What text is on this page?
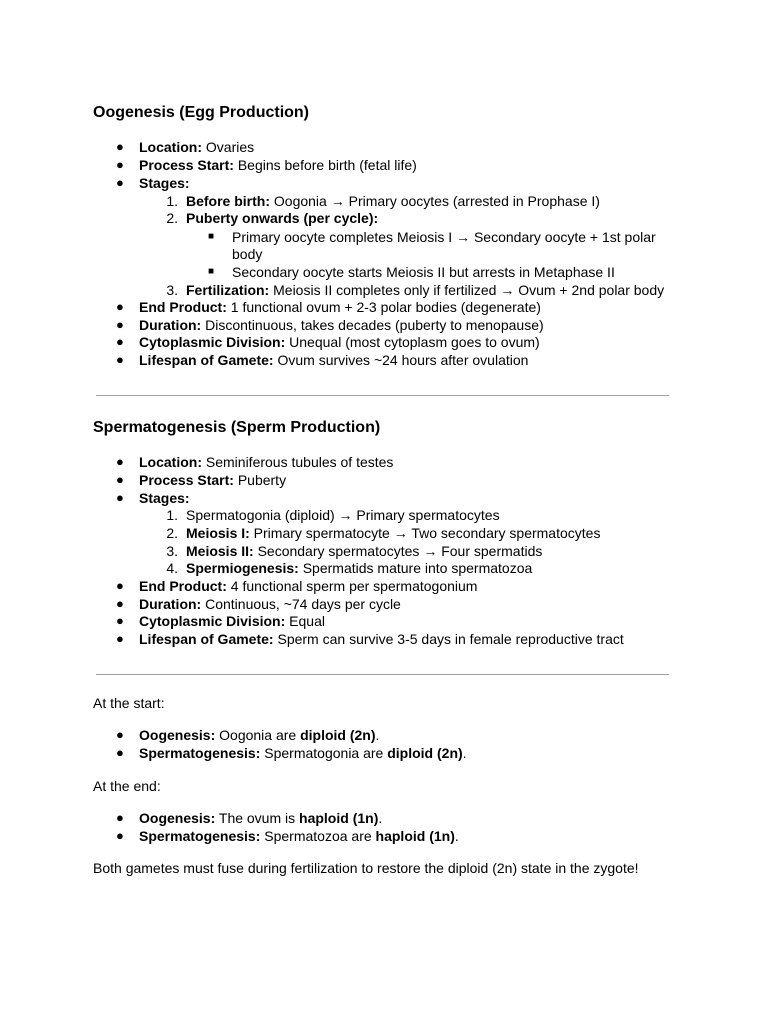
Oogenesis (Egg Production)
● Location: Ovaries
● Process Start: Begins before birth (fetal life)
● Stages:
1. Before birth: Oogonia → Primary oocytes (arrested in Prophase I)
2. Puberty onwards (per cycle):
■ Primary oocyte completes Meiosis I → Secondary oocyte + 1st polar
body
■ Secondary oocyte starts Meiosis II but arrests in Metaphase II
3. Fertilization: Meiosis II completes only if fertilized → Ovum + 2nd polar body
● End Product: 1 functional ovum + 2-3 polar bodies (degenerate)
● Duration: Discontinuous, takes decades (puberty to menopause)
● Cytoplasmic Division: Unequal (most cytoplasm goes to ovum)
● Lifespan of Gamete: Ovum survives ~24 hours after ovulation
Spermatogenesis (Sperm Production)
● Location: Seminiferous tubules of testes
● Process Start: Puberty
● Stages:
1. Spermatogonia (diploid) → Primary spermatocytes
2. Meiosis I: Primary spermatocyte → Two secondary spermatocytes
3. Meiosis II: Secondary spermatocytes → Four spermatids
4. Spermiogenesis: Spermatids mature into spermatozoa
● End Product: 4 functional sperm per spermatogonium
● Duration: Continuous, ~74 days per cycle
● Cytoplasmic Division: Equal
● Lifespan of Gamete: Sperm can survive 3-5 days in female reproductive tract
At the start:
● Oogenesis: Oogonia are diploid (2n).
● Spermatogenesis: Spermatogonia are diploid (2n).
At the end:
● Oogenesis: The ovum is haploid (1n).
● Spermatogenesis: Spermatozoa are haploid (1n).
Both gametes must fuse during fertilization to restore the diploid (2n) state in the zygote!
